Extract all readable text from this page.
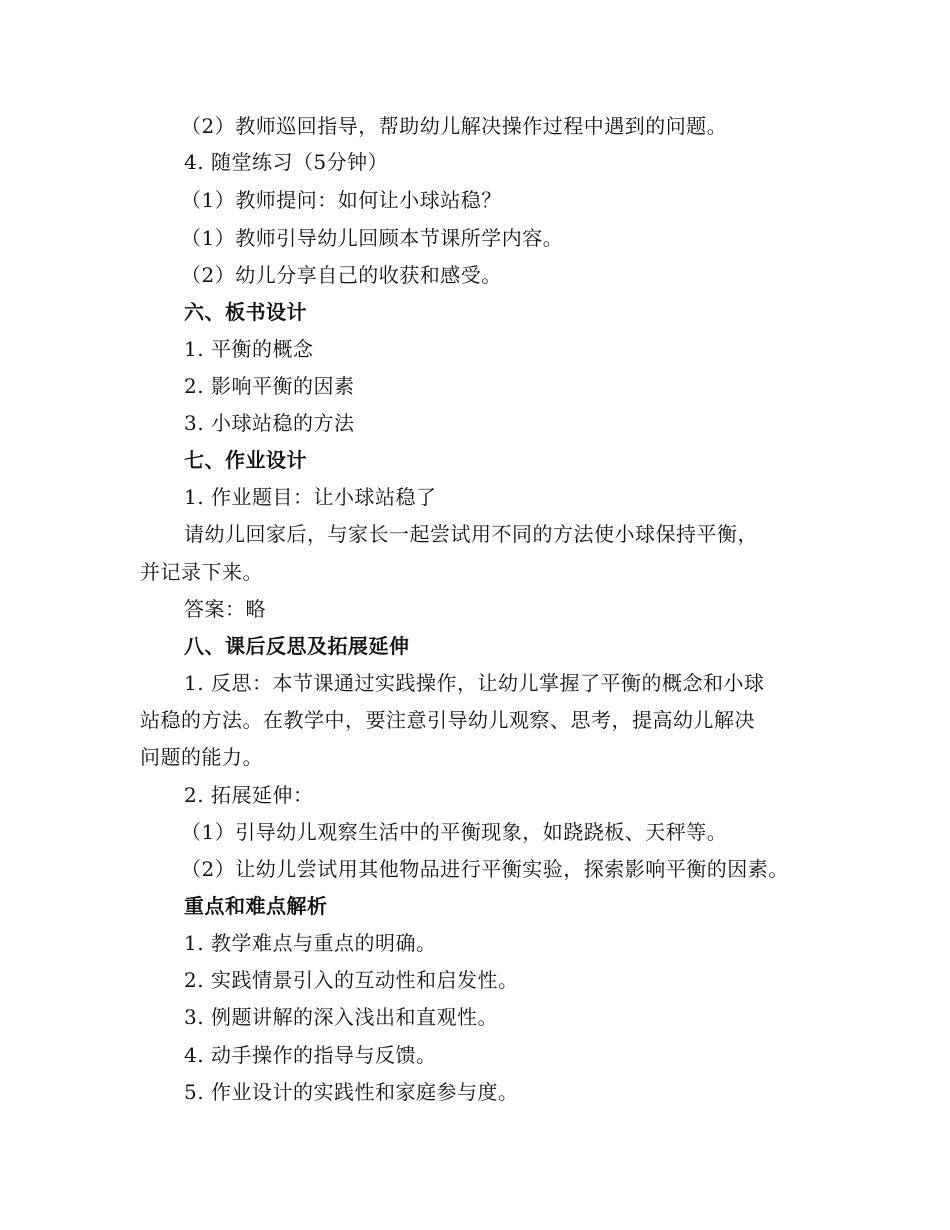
（2）教师巡回指导，帮助幼儿解决操作过程中遇到的问题。
4. 随堂练习（5分钟）
（1）教师提问：如何让小球站稳？
（1）教师引导幼儿回顾本节课所学内容。
（2）幼儿分享自己的收获和感受。
六、板书设计
1. 平衡的概念
2. 影响平衡的因素
3. 小球站稳的方法
七、作业设计
1. 作业题目：让小球站稳了
请幼儿回家后，与家长一起尝试用不同的方法使小球保持平衡，
并记录下来。
答案：略
八、课后反思及拓展延伸
1. 反思：本节课通过实践操作，让幼儿掌握了平衡的概念和小球
站稳的方法。在教学中，要注意引导幼儿观察、思考，提高幼儿解决
问题的能力。
2. 拓展延伸：
（1）引导幼儿观察生活中的平衡现象，如跷跷板、天秤等。
（2）让幼儿尝试用其他物品进行平衡实验，探索影响平衡的因素。
重点和难点解析
1. 教学难点与重点的明确。
2. 实践情景引入的互动性和启发性。
3. 例题讲解的深入浅出和直观性。
4. 动手操作的指导与反馈。
5. 作业设计的实践性和家庭参与度。
